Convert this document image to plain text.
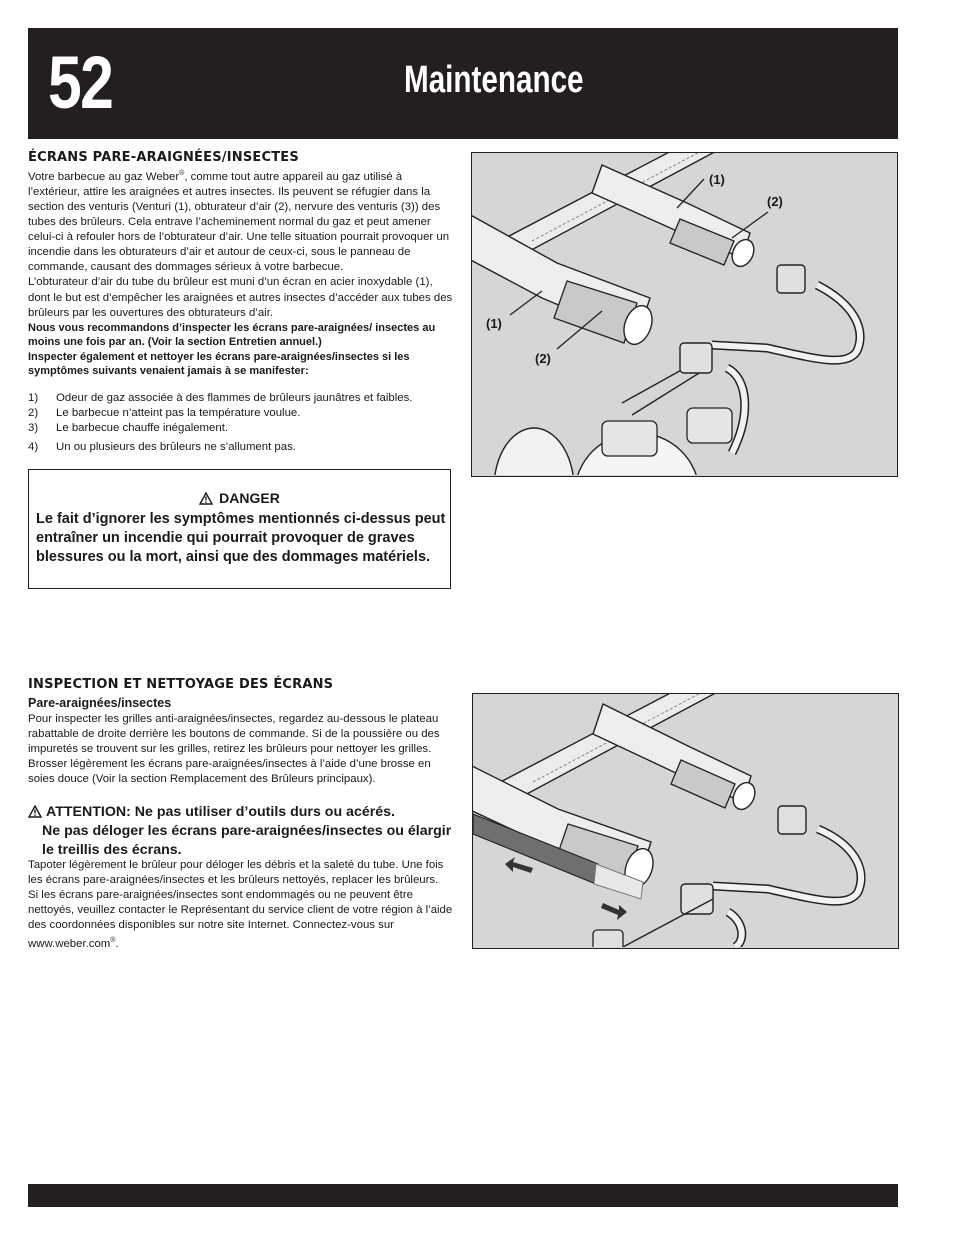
52	Maintenance
ÉCRANS PARE-ARAIGNÉES/INSECTES

Votre barbecue au gaz Weber®, comme tout autre appareil au gaz utilisé à l’extérieur, attire les araignées et autres insectes. Ils peuvent se réfugier dans la section des venturis (Venturi (1), obturateur d’air (2), nervure des venturis (3)) des tubes des brûleurs. Cela entrave l’acheminement normal du gaz et peut amener celui-ci à refouler hors de l’obturateur d’air. Une telle situation pourrait provoquer un incendie dans les obturateurs d’air et autour de ceux-ci, sous le panneau de commande, causant des dommages sérieux à votre barbecue.

L’obturateur d’air du tube du brûleur est muni d’un écran en acier inoxydable (1), dont le but est d’empêcher les araignées et autres insectes d’accéder aux tubes des brûleurs par les ouvertures des obturateurs d’air.

Nous vous recommandons d’inspecter les écrans pare-araignées/ insectes au moins une fois par an. (Voir la section Entretien annuel.)

Inspecter également et nettoyer les écrans pare-araignées/insectes si les symptômes suivants venaient jamais à se manifester:

1)	Odeur de gaz associée à des flammes de brûleurs jaunâtres et faibles.
2)	Le barbecue n’atteint pas la température voulue.
3)	Le barbecue chauffe inégalement.
4)	Un ou plusieurs des brûleurs ne s’allument pas.
DANGER
Le fait d’ignorer les symptômes mentionnés ci-dessus peut entraîner un incendie qui pourrait provoquer de graves blessures ou la mort, ainsi que des dommages matériels.
(1)
(2)
(1)
(2)
INSPECTION ET NETTOYAGE DES ÉCRANS
Pare-araignées/insectes

Pour inspecter les grilles anti-araignées/insectes, regardez au-dessous le plateau rabattable de droite derrière les boutons de commande. Si de la poussière ou des impuretés se trouvent sur les grilles, retirez les brûleurs pour nettoyer les grilles.

Brosser légèrement les écrans pare-araignées/insectes à l’aide d’une brosse en soies douce (Voir la section Remplacement des Brûleurs principaux).

ATTENTION: Ne pas utiliser d’outils durs ou acérés.
Ne pas déloger les écrans pare-araignées/insectes ou élargir le treillis des écrans.

Tapoter légèrement le brûleur pour déloger les débris et la saleté du tube. Une fois les écrans pare-araignées/insectes et les brûleurs nettoyés, replacer les brûleurs.

Si les écrans pare-araignées/insectes sont endommagés ou ne peuvent être nettoyés, veuillez contacter le Représentant du service client de votre région à l’aide des coordonnées disponibles sur notre site Internet. Connectez-vous sur www.weber.com®.
